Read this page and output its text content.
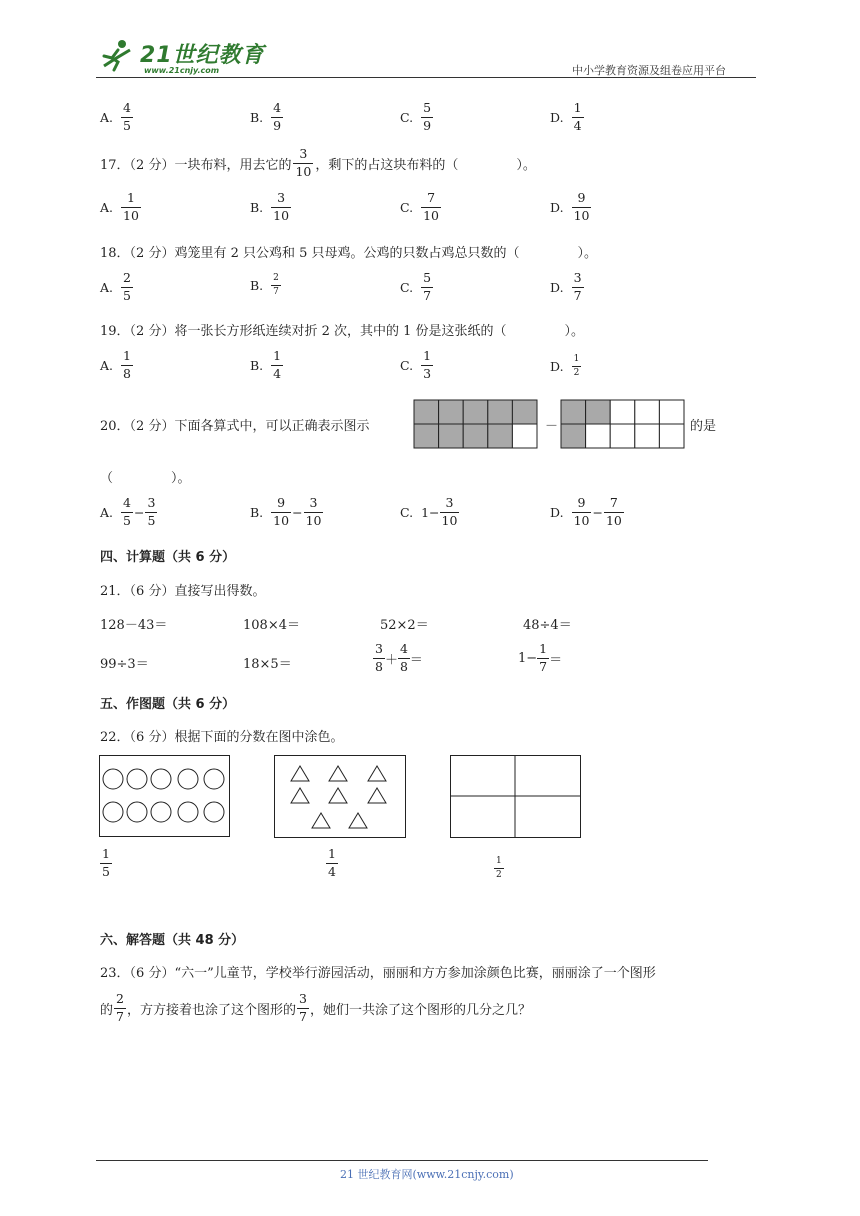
21世纪教育
www.21cnjy.com	中小学教育资源及组卷应用平台
A. $\frac{4}{5}$	B. $\frac{4}{9}$	C. $\frac{5}{9}$	D. $\frac{1}{4}$
17．（2 分）一块布料，用去它的 $\frac{3}{10}$ ，剩下的占这块布料的（	）。
A. $\frac{1}{10}$	B. $\frac{3}{10}$	C. $\frac{7}{10}$	D. $\frac{9}{10}$
18．（2 分）鸡笼里有 2 只公鸡和 5 只母鸡。公鸡的只数占鸡总只数的（	）。
A. $\frac{2}{5}$	B. $\frac{2}{7}$	C. $\frac{5}{7}$	D. $\frac{3}{7}$
19．（2 分）将一张长方形纸连续对折 2 次，其中的 1 份是这张纸的（	）。
A. $\frac{1}{8}$	B. $\frac{1}{4}$	C. $\frac{1}{3}$	D. $\frac{1}{2}$
20．（2 分）下面各算式中，可以正确表示图示	－	的是
（	）。
A. $\frac{4}{5} - \frac{3}{5}$	B. $\frac{9}{10} - \frac{3}{10}$	C. $1- \frac{3}{10}$	D. $\frac{9}{10} - \frac{7}{10}$
四、计算题（共 6 分）
21．（6 分）直接写出得数。
128－43＝	108×4＝	52×2＝	48÷4＝
99÷3＝	18×5＝	$\frac{3}{8} + \frac{4}{8}$ ＝	$1- \frac{1}{7}$ ＝
五、作图题（共 6 分）
22．（6 分）根据下面的分数在图中涂色。
$\frac{1}{5}$	$\frac{1}{4}$	$\frac{1}{2}$
六、解答题（共 48 分）
23．（6 分）“六一”儿童节，学校举行游园活动，丽丽和方方参加涂颜色比赛，丽丽涂了一个图形
的 $\frac{2}{7}$ ，方方接着也涂了这个图形的 $\frac{3}{7}$ ，她们一共涂了这个图形的几分之几？
21 世纪教育网(www.21cnjy.com)
